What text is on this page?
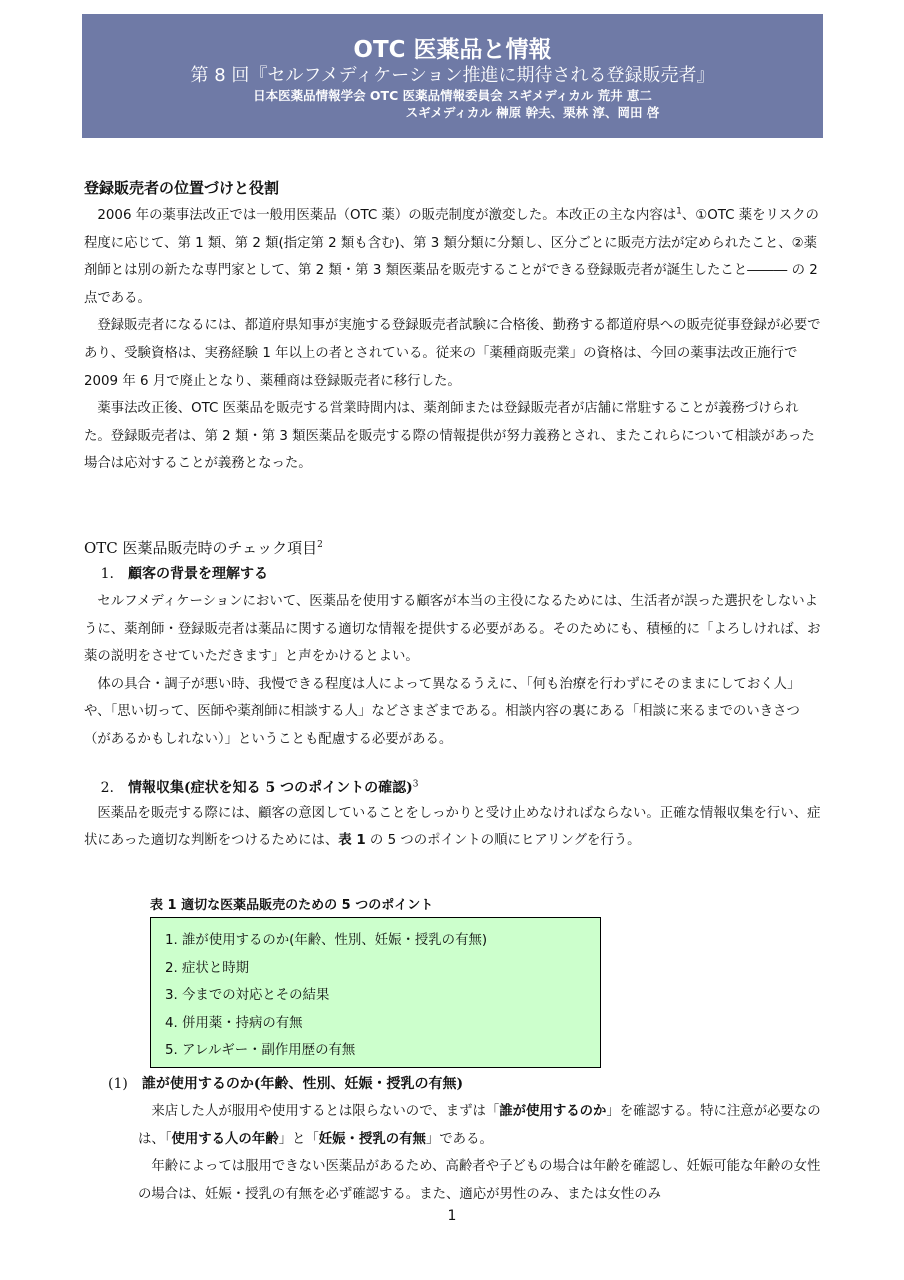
OTC 医薬品と情報
第 8 回『セルフメディケーション推進に期待される登録販売者』
日本医薬品情報学会 OTC 医薬品情報委員会 スギメディカル 荒井 恵二
スギメディカル 榊原 幹夫、栗林 淳、岡田 啓
登録販売者の位置づけと役割

2006 年の薬事法改正では一般用医薬品（OTC 薬）の販売制度が激変した。本改正の主な内容は$^1$、①OTC 薬をリスクの程度に応じて、第 1 類、第 2 類(指定第 2 類も含む)、第 3 類分類に分類し、区分ごとに販売方法が定められたこと、②薬剤師とは別の新たな専門家として、第 2 類・第 3 類医薬品を販売することができる登録販売者が誕生したこと――― の 2 点である。

登録販売者になるには、都道府県知事が実施する登録販売者試験に合格後、勤務する都道府県への販売従事登録が必要であり、受験資格は、実務経験 1 年以上の者とされている。従来の「薬種商販売業」の資格は、今回の薬事法改正施行で 2009 年 6 月で廃止となり、薬種商は登録販売者に移行した。

薬事法改正後、OTC 医薬品を販売する営業時間内は、薬剤師または登録販売者が店舗に常駐することが義務づけられた。登録販売者は、第 2 類・第 3 類医薬品を販売する際の情報提供が努力義務とされ、またこれらについて相談があった場合は応対することが義務となった。

OTC 医薬品販売時のチェック項目$^2$
1. 顧客の背景を理解する

セルフメディケーションにおいて、医薬品を使用する顧客が本当の主役になるためには、生活者が誤った選択をしないように、薬剤師・登録販売者は薬品に関する適切な情報を提供する必要がある。そのためにも、積極的に「よろしければ、お薬の説明をさせていただきます」と声をかけるとよい。

体の具合・調子が悪い時、我慢できる程度は人によって異なるうえに、「何も治療を行わずにそのままにしておく人」や、「思い切って、医師や薬剤師に相談する人」などさまざまである。相談内容の裏にある「相談に来るまでのいきさつ（があるかもしれない）」ということも配慮する必要がある。

2. 情報収集(症状を知る 5 つのポイントの確認)$^3$

医薬品を販売する際には、顧客の意図していることをしっかりと受け止めなければならない。正確な情報収集を行い、症状にあった適切な判断をつけるためには、表 1 の 5 つのポイントの順にヒアリングを行う。

表 1 適切な医薬品販売のための 5 つのポイント
1. 誰が使用するのか(年齢、性別、妊娠・授乳の有無)
2. 症状と時期
3. 今までの対応とその結果
4. 併用薬・持病の有無
5. アレルギー・副作用歴の有無
(1) 誰が使用するのか(年齢、性別、妊娠・授乳の有無)

来店した人が服用や使用するとは限らないので、まずは「誰が使用するのか」を確認する。特に注意が必要なのは、「使用する人の年齢」と「妊娠・授乳の有無」である。

年齢によっては服用できない医薬品があるため、高齢者や子どもの場合は年齢を確認し、妊娠可能な年齢の女性の場合は、妊娠・授乳の有無を必ず確認する。また、適応が男性のみ、または女性のみ

1
